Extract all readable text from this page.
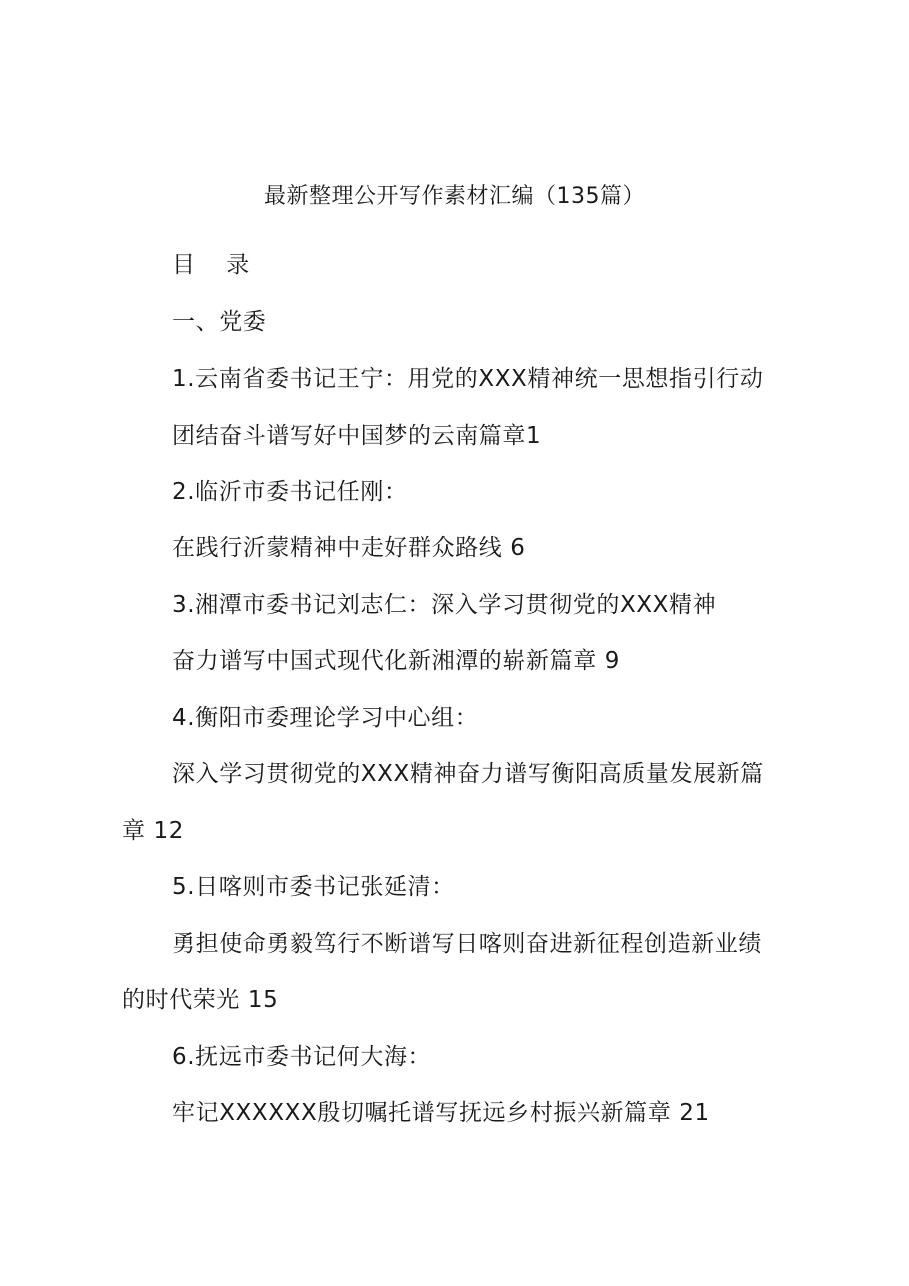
最新整理公开写作素材汇编（135篇）
目 录
一、党委
1.云南省委书记王宁：用党的XXX精神统一思想指引行动
团结奋斗谱写好中国梦的云南篇章1
2.临沂市委书记任刚：
在践行沂蒙精神中走好群众路线 6
3.湘潭市委书记刘志仁：深入学习贯彻党的XXX精神
奋力谱写中国式现代化新湘潭的崭新篇章 9
4.衡阳市委理论学习中心组：
深入学习贯彻党的XXX精神奋力谱写衡阳高质量发展新篇
章 12
5.日喀则市委书记张延清：
勇担使命勇毅笃行不断谱写日喀则奋进新征程创造新业绩
的时代荣光 15
6.抚远市委书记何大海：
牢记XXXXXX殷切嘱托谱写抚远乡村振兴新篇章 21
